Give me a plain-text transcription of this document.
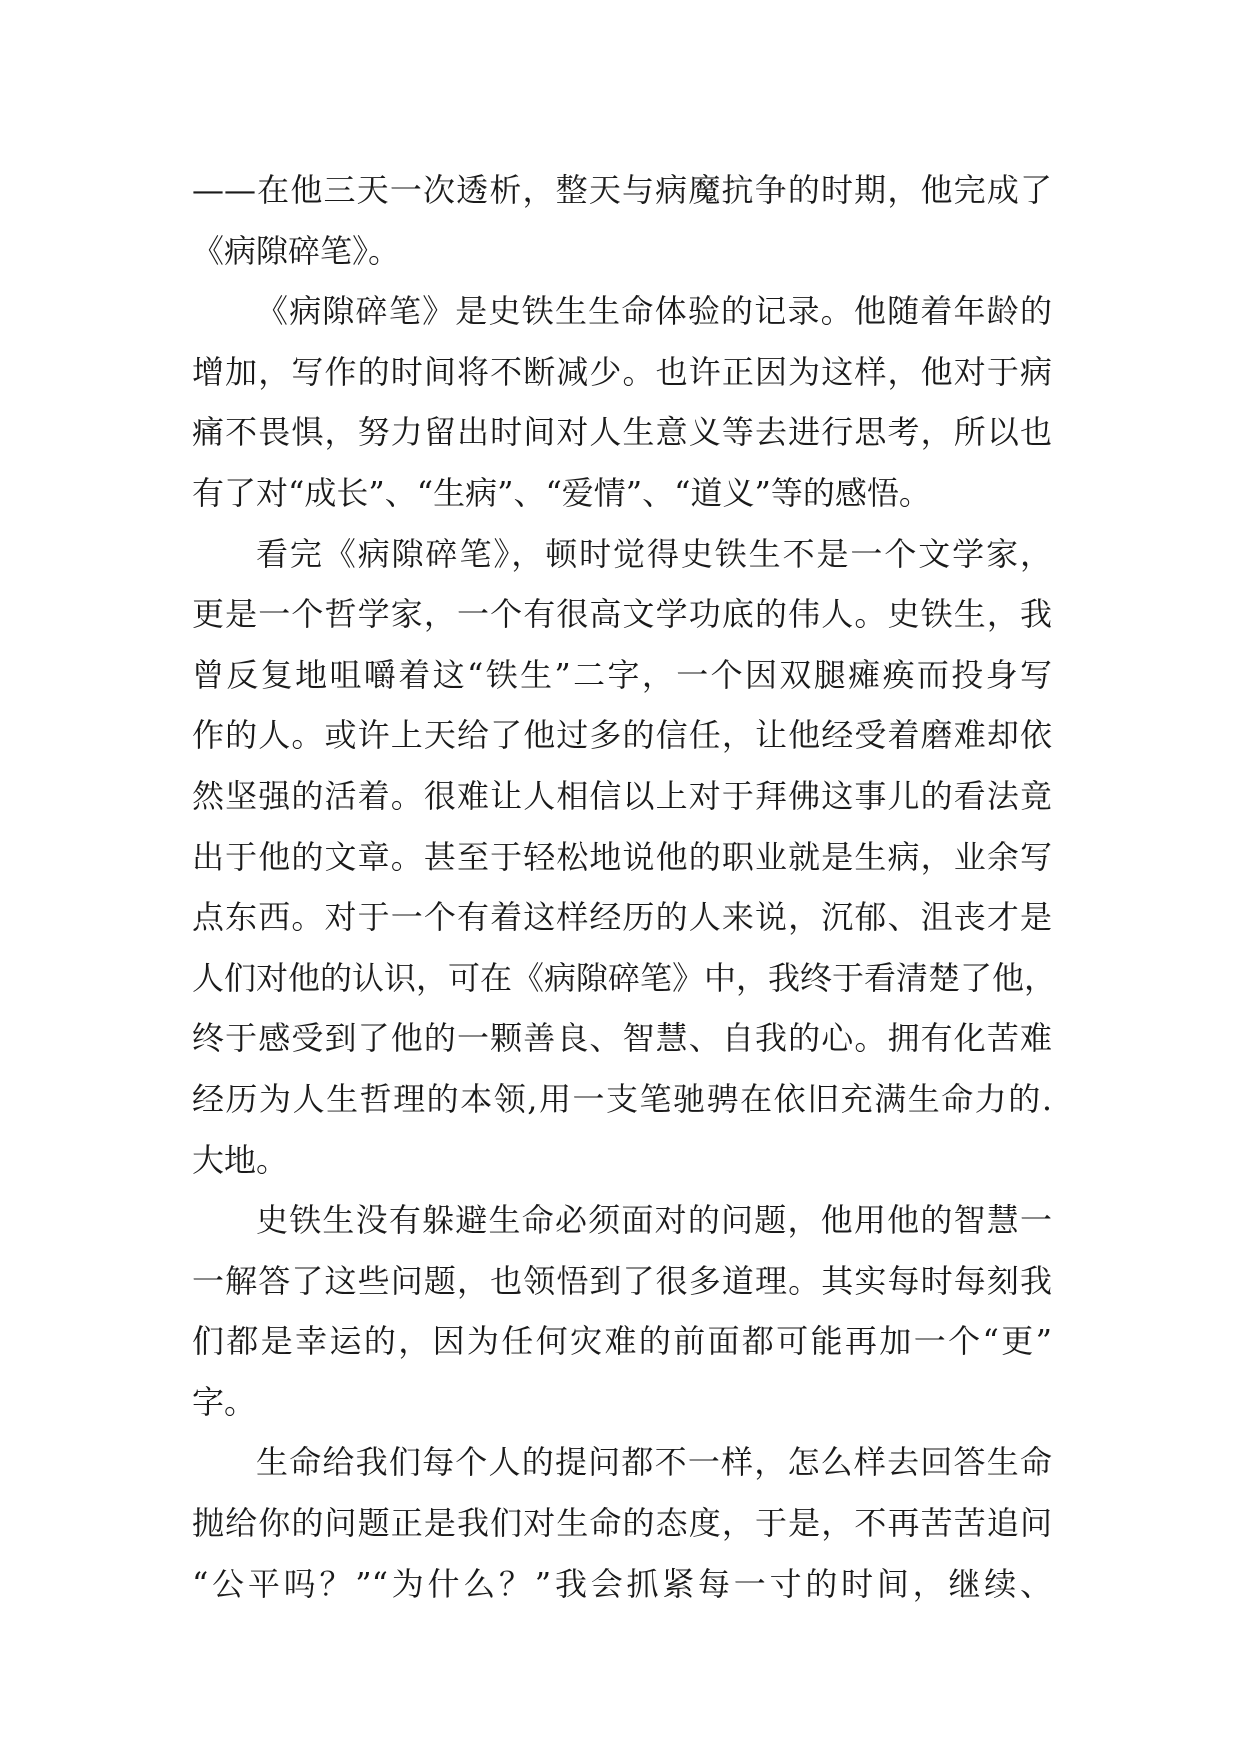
——在他三天一次透析，整天与病魔抗争的时期，他完成了
《病隙碎笔》。
《病隙碎笔》是史铁生生命体验的记录。他随着年龄的
增加，写作的时间将不断减少。也许正因为这样，他对于病
痛不畏惧，努力留出时间对人生意义等去进行思考，所以也
有了对“成长”、“生病”、“爱情”、“道义”等的感悟。
看完《病隙碎笔》，顿时觉得史铁生不是一个文学家，
更是一个哲学家，一个有很高文学功底的伟人。史铁生，我
曾反复地咀嚼着这“铁生”二字，一个因双腿瘫痪而投身写
作的人。或许上天给了他过多的信任，让他经受着磨难却依
然坚强的活着。很难让人相信以上对于拜佛这事儿的看法竟
出于他的文章。甚至于轻松地说他的职业就是生病，业余写
点东西。对于一个有着这样经历的人来说，沉郁、沮丧才是
人们对他的认识，可在《病隙碎笔》中，我终于看清楚了他，
终于感受到了他的一颗善良、智慧、自我的心。拥有化苦难
经历为人生哲理的本领,用一支笔驰骋在依旧充满生命力的.
大地。
史铁生没有躲避生命必须面对的问题，他用他的智慧一
一解答了这些问题，也领悟到了很多道理。其实每时每刻我
们都是幸运的，因为任何灾难的前面都可能再加一个“更”
字。
生命给我们每个人的提问都不一样，怎么样去回答生命
抛给你的问题正是我们对生命的态度，于是，不再苦苦追问
“公平吗？”“为什么？”我会抓紧每一寸的时间，继续、
